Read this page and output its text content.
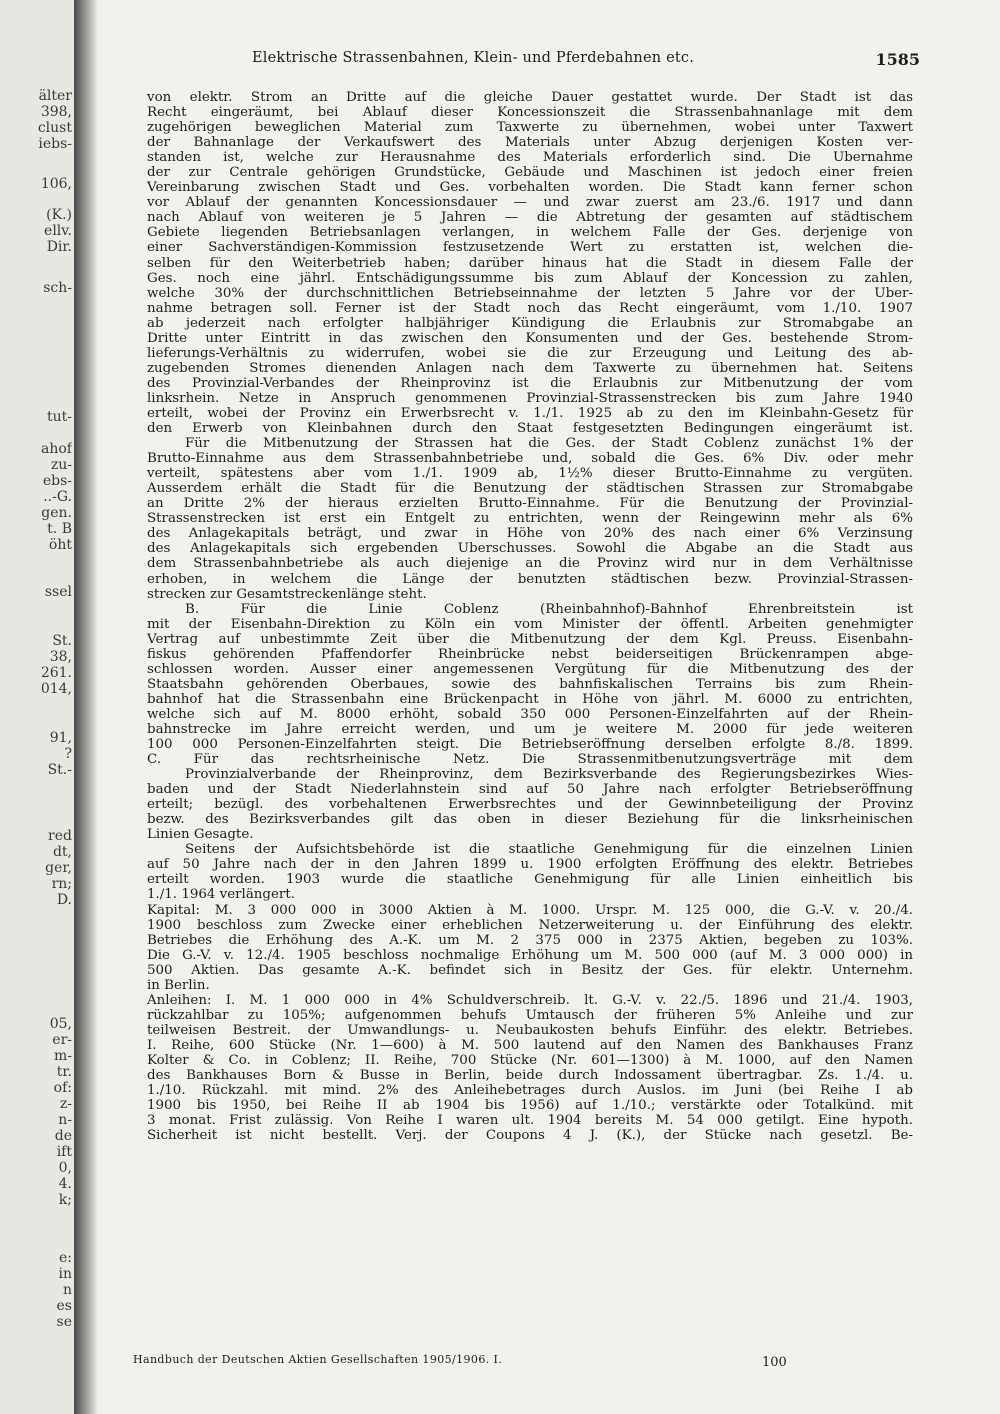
älter
398,
clust
iebs-
106,
(K.)
ellv.
Dir.
sch-
tut-
ahof
zu-
ebs-
..-G.
gen.
t. B
öht
ssel
St.
38,
261.
014,
91,
?
St.-
red
dt,
ger,
rn;
D.
05,
er-
m-
tr.
of:
z-
n-
de
ift
0,
4.
k;
e:
in
n
es
se
Elektrische Strassenbahnen, Klein- und Pferdebahnen etc.	1585
von elektr. Strom an Dritte auf die gleiche Dauer gestattet wurde. Der Stadt ist das
Recht eingeräumt, bei Ablauf dieser Koncessionszeit die Strassenbahnanlage mit dem
zugehörigen beweglichen Material zum Taxwerte zu übernehmen, wobei unter Taxwert
der Bahnanlage der Verkaufswert des Materials unter Abzug derjenigen Kosten ver-
standen ist, welche zur Herausnahme des Materials erforderlich sind. Die Übernahme
der zur Centrale gehörigen Grundstücke, Gebäude und Maschinen ist jedoch einer freien
Vereinbarung zwischen Stadt und Ges. vorbehalten worden. Die Stadt kann ferner schon
vor Ablauf der genannten Koncessionsdauer — und zwar zuerst am 23./6. 1917 und dann
nach Ablauf von weiteren je 5 Jahren — die Abtretung der gesamten auf städtischem
Gebiete liegenden Betriebsanlagen verlangen, in welchem Falle der Ges. derjenige von
einer Sachverständigen-Kommission festzusetzende Wert zu erstatten ist, welchen die-
selben für den Weiterbetrieb haben; darüber hinaus hat die Stadt in diesem Falle der
Ges. noch eine jährl. Entschädigungssumme bis zum Ablauf der Koncession zu zahlen,
welche 30% der durchschnittlichen Betriebseinnahme der letzten 5 Jahre vor der Über-
nahme betragen soll. Ferner ist der Stadt noch das Recht eingeräumt, vom 1./10. 1907
ab jederzeit nach erfolgter halbjähriger Kündigung die Erlaubnis zur Stromabgabe an
Dritte unter Eintritt in das zwischen den Konsumenten und der Ges. bestehende Strom-
lieferungs-Verhältnis zu widerrufen, wobei sie die zur Erzeugung und Leitung des ab-
zugebenden Stromes dienenden Anlagen nach dem Taxwerte zu übernehmen hat. Seitens
des Provinzial-Verbandes der Rheinprovinz ist die Erlaubnis zur Mitbenutzung der vom
linksrhein. Netze in Anspruch genommenen Provinzial-Strassenstrecken bis zum Jahre 1940
erteilt, wobei der Provinz ein Erwerbsrecht v. 1./1. 1925 ab zu den im Kleinbahn-Gesetz für
den Erwerb von Kleinbahnen durch den Staat festgesetzten Bedingungen eingeräumt ist.
Für die Mitbenutzung der Strassen hat die Ges. der Stadt Coblenz zunächst 1% der
Brutto-Einnahme aus dem Strassenbahnbetriebe und, sobald die Ges. 6% Div. oder mehr
verteilt, spätestens aber vom 1./1. 1909 ab, 1½% dieser Brutto-Einnahme zu vergüten.
Ausserdem erhält die Stadt für die Benutzung der städtischen Strassen zur Stromabgabe
an Dritte 2% der hieraus erzielten Brutto-Einnahme. Für die Benutzung der Provinzial-
Strassenstrecken ist erst ein Entgelt zu entrichten, wenn der Reingewinn mehr als 6%
des Anlagekapitals beträgt, und zwar in Höhe von 20% des nach einer 6% Verzinsung
des Anlagekapitals sich ergebenden Überschusses. Sowohl die Abgabe an die Stadt aus
dem Strassenbahnbetriebe als auch diejenige an die Provinz wird nur in dem Verhältnisse
erhoben, in welchem die Länge der benutzten städtischen bezw. Provinzial-Strassen-
strecken zur Gesamtstreckenlänge steht.
B. Für die Linie Coblenz (Rheinbahnhof)-Bahnhof Ehrenbreitstein ist
mit der Eisenbahn-Direktion zu Köln ein vom Minister der öffentl. Arbeiten genehmigter
Vertrag auf unbestimmte Zeit über die Mitbenutzung der dem Kgl. Preuss. Eisenbahn-
fiskus gehörenden Pfaffendorfer Rheinbrücke nebst beiderseitigen Brückenrampen abge-
schlossen worden. Ausser einer angemessenen Vergütung für die Mitbenutzung des der
Staatsbahn gehörenden Oberbaues, sowie des bahnfiskalischen Terrains bis zum Rhein-
bahnhof hat die Strassenbahn eine Brückenpacht in Höhe von jährl. M. 6000 zu entrichten,
welche sich auf M. 8000 erhöht, sobald 350 000 Personen-Einzelfahrten auf der Rhein-
bahnstrecke im Jahre erreicht werden, und um je weitere M. 2000 für jede weiteren
100 000 Personen-Einzelfahrten steigt. Die Betriebseröffnung derselben erfolgte 8./8. 1899.
C. Für das rechtsrheinische Netz. Die Strassenmitbenutzungsverträge mit dem
Provinzialverbande der Rheinprovinz, dem Bezirksverbande des Regierungsbezirkes Wies-
baden und der Stadt Niederlahnstein sind auf 50 Jahre nach erfolgter Betriebseröffnung
erteilt; bezügl. des vorbehaltenen Erwerbsrechtes und der Gewinnbeteiligung der Provinz
bezw. des Bezirksverbandes gilt das oben in dieser Beziehung für die linksrheinischen
Linien Gesagte.
Seitens der Aufsichtsbehörde ist die staatliche Genehmigung für die einzelnen Linien
auf 50 Jahre nach der in den Jahren 1899 u. 1900 erfolgten Eröffnung des elektr. Betriebes
erteilt worden. 1903 wurde die staatliche Genehmigung für alle Linien einheitlich bis
1./1. 1964 verlängert.
Kapital: M. 3 000 000 in 3000 Aktien à M. 1000. Urspr. M. 125 000, die G.-V. v. 20./4.
1900 beschloss zum Zwecke einer erheblichen Netzerweiterung u. der Einführung des elektr.
Betriebes die Erhöhung des A.-K. um M. 2 375 000 in 2375 Aktien, begeben zu 103%.
Die G.-V. v. 12./4. 1905 beschloss nochmalige Erhöhung um M. 500 000 (auf M. 3 000 000) in
500 Aktien. Das gesamte A.-K. befindet sich in Besitz der Ges. für elektr. Unternehm.
in Berlin.
Anleihen: I. M. 1 000 000 in 4% Schuldverschreib. lt. G.-V. v. 22./5. 1896 und 21./4. 1903,
rückzahlbar zu 105%; aufgenommen behufs Umtausch der früheren 5% Anleihe und zur
teilweisen Bestreit. der Umwandlungs- u. Neubaukosten behufs Einführ. des elektr. Betriebes.
I. Reihe, 600 Stücke (Nr. 1—600) à M. 500 lautend auf den Namen des Bankhauses Franz
Kolter & Co. in Coblenz; II. Reihe, 700 Stücke (Nr. 601—1300) à M. 1000, auf den Namen
des Bankhauses Born & Busse in Berlin, beide durch Indossament übertragbar. Zs. 1./4. u.
1./10. Rückzahl. mit mind. 2% des Anleihebetrages durch Auslos. im Juni (bei Reihe I ab
1900 bis 1950, bei Reihe II ab 1904 bis 1956) auf 1./10.; verstärkte oder Totalkünd. mit
3 monat. Frist zulässig. Von Reihe I waren ult. 1904 bereits M. 54 000 getilgt. Eine hypoth.
Sicherheit ist nicht bestellt. Verj. der Coupons 4 J. (K.), der Stücke nach gesetzl. Be-
Handbuch der Deutschen Aktien Gesellschaften 1905/1906. I.	100
